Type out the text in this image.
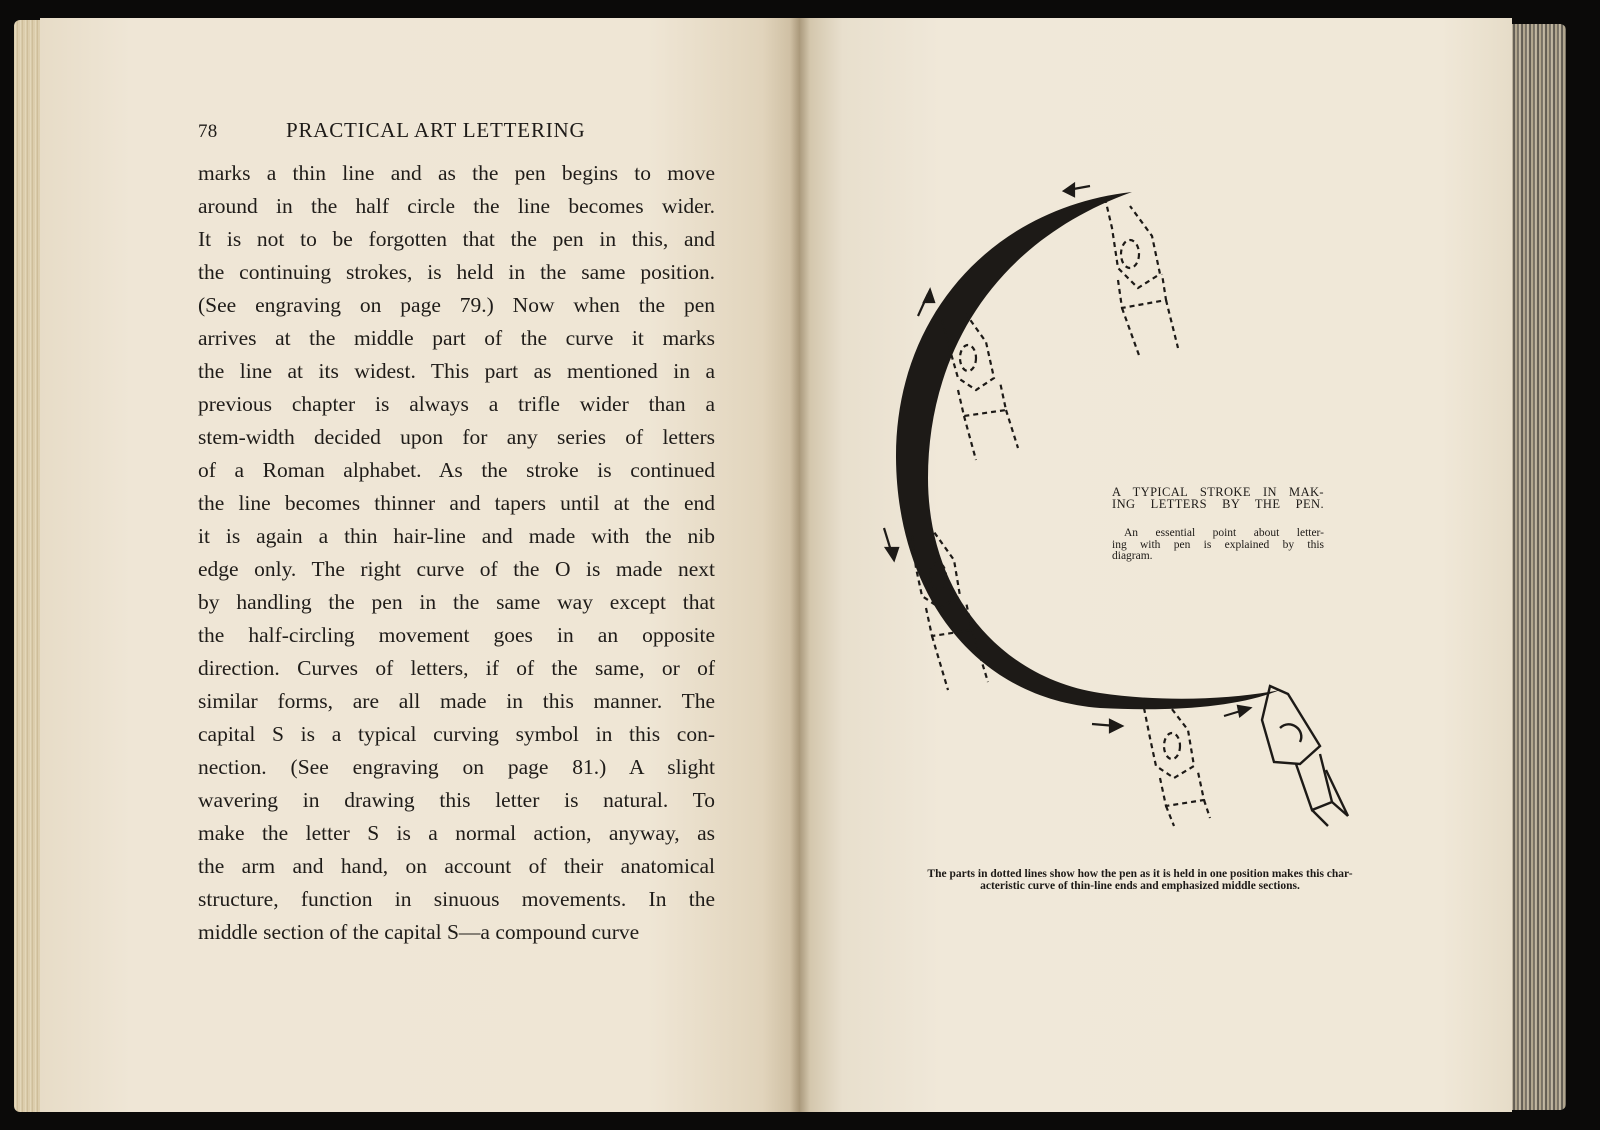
78	PRACTICAL ART LETTERING
marks a thin line and as the pen begins to move
around in the half circle the line becomes wider.
It is not to be forgotten that the pen in this, and
the continuing strokes, is held in the same position.
(See engraving on page 79.) Now when the pen
arrives at the middle part of the curve it marks
the line at its widest. This part as mentioned in a
previous chapter is always a trifle wider than a
stem-width decided upon for any series of letters
of a Roman alphabet. As the stroke is continued
the line becomes thinner and tapers until at the end
it is again a thin hair-line and made with the nib
edge only. The right curve of the O is made next
by handling the pen in the same way except that
the half-circling movement goes in an opposite
direction. Curves of letters, if of the same, or of
similar forms, are all made in this manner. The
capital S is a typical curving symbol in this con-
nection. (See engraving on page 81.) A slight
wavering in drawing this letter is natural. To
make the letter S is a normal action, anyway, as
the arm and hand, on account of their anatomical
structure, function in sinuous movements. In the
middle section of the capital S—a compound curve
A TYPICAL STROKE IN MAK-
ING LETTERS BY THE PEN.
An essential point about letter-
ing with pen is explained by this
diagram.
The parts in dotted lines show how the pen as it is held in one position makes this char-
acteristic curve of thin-line ends and emphasized middle sections.
